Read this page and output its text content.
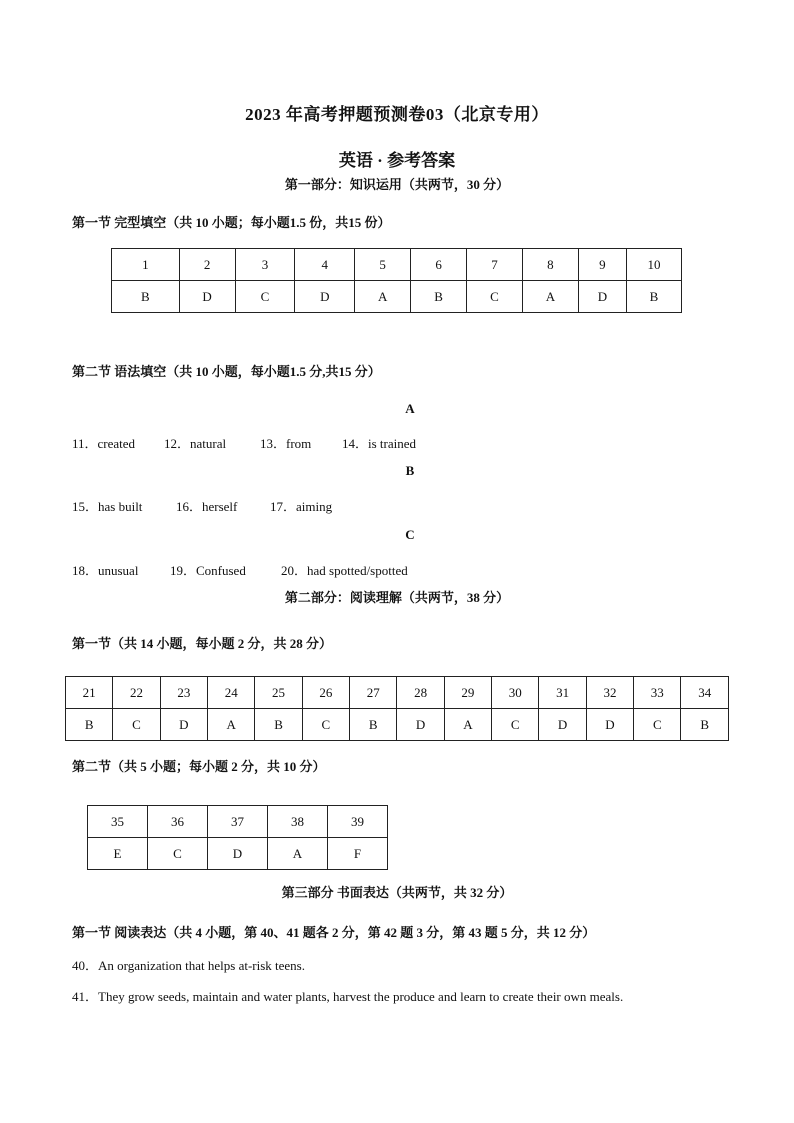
2023 年高考押题预测卷03（北京专用）
英语 · 参考答案
第一部分：知识运用（共两节，30 分）
第一节 完型填空（共 10 小题；每小题1.5 份，共15 份）
1	2	3	4	5	6	7	8	9	10
B	D	C	D	A	B	C	A	D	B
第二节 语法填空（共 10 小题，每小题1.5 分,共15 分）
A
11．created 12．natural	13．from 14．is trained
B
15．has built	16．herself	17．aiming
C
18．unusual 19．Confused	20．had spotted/spotted
第二部分：阅读理解（共两节，38 分）
第一节（共 14 小题，每小题 2 分，共 28 分）
21	22	23	24	25	26	27	28	29	30	31	32	33	34
B	C	D	A	B	C	B	D	A	C	D	D	C	B
第二节（共 5 小题；每小题 2 分，共 10 分）
35	36	37	38	39
E	C	D	A	F
第三部分 书面表达（共两节，共 32 分）
第一节 阅读表达（共 4 小题，第 40、41 题各 2 分，第 42 题 3 分，第 43 题 5 分，共 12 分）
40．An organization that helps at-risk teens.
41．They grow seeds, maintain and water plants, harvest the produce and learn to create their own meals.
